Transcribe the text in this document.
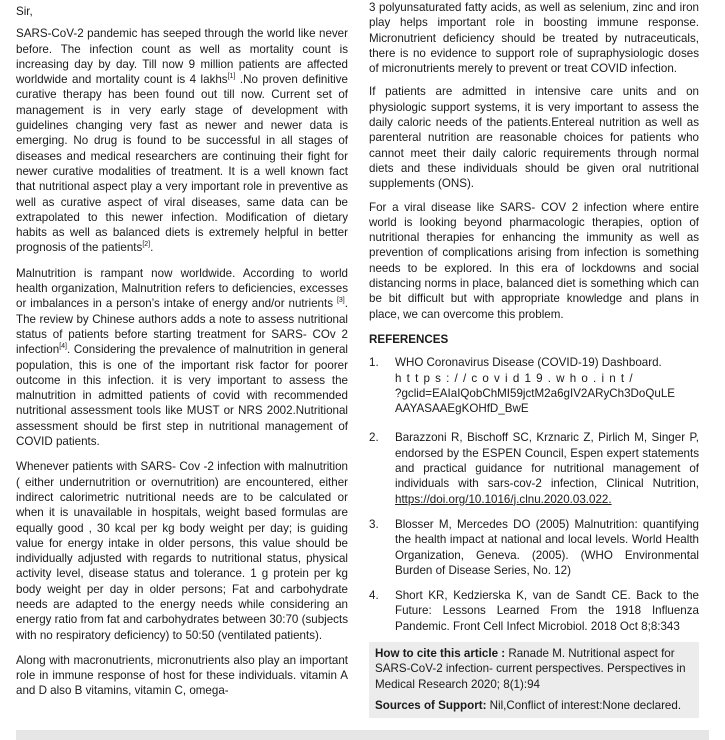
Sir,

SARS-CoV-2 pandemic has seeped through the world like never before. The infection count as well as mortality count is increasing day by day. Till now 9 million patients are affected worldwide and mortality count is 4 lakhs[1] .No proven definitive curative therapy has been found out till now. Current set of management is in very early stage of development with guidelines changing very fast as newer and newer data is emerging. No drug is found to be successful in all stages of diseases and medical researchers are continuing their fight for newer curative modalities of treatment. It is a well known fact that nutritional aspect play a very important role in preventive as well as curative aspect of viral diseases, same data can be extrapolated to this newer infection. Modification of dietary habits as well as balanced diets is extremely helpful in better prognosis of the patients[2].

Malnutrition is rampant now worldwide. According to world health organization, Malnutrition refers to deficiencies, excesses or imbalances in a person’s intake of energy and/or nutrients [3]. The review by Chinese authors adds a note to assess nutritional status of patients before starting treatment for SARS- COv 2 infection[4]. Considering the prevalence of malnutrition in general population, this is one of the important risk factor for poorer outcome in this infection. it is very important to assess the malnutrition in admitted patients of covid with recommended nutritional assessment tools like MUST or NRS 2002.Nutritional assessment should be first step in nutritional management of COVID patients.

Whenever patients with SARS- Cov -2 infection with malnutrition ( either undernutrition or overnutrition) are encountered, either indirect calorimetric nutritional needs are to be calculated or when it is unavailable in hospitals, weight based formulas are equally good , 30 kcal per kg body weight per day; is guiding value for energy intake in older persons, this value should be individually adjusted with regards to nutritional status, physical activity level, disease status and tolerance. 1 g protein per kg body weight per day in older persons; Fat and carbohydrate needs are adapted to the energy needs while considering an energy ratio from fat and carbohydrates between 30:70 (subjects with no respiratory deficiency) to 50:50 (ventilated patients).

Along with macronutrients, micronutrients also play an important role in immune response of host for these individuals. vitamin A and D also B vitamins, vitamin C, omega-

3 polyunsaturated fatty acids, as well as selenium, zinc and iron play helps important role in boosting immune response. Micronutrient deficiency should be treated by nutraceuticals, there is no evidence to support role of supraphysiologic doses of micronutrients merely to prevent or treat COVID infection.

If patients are admitted in intensive care units and on physiologic support systems, it is very important to assess the daily caloric needs of the patients.Entereal nutrition as well as parenteral nutrition are reasonable choices for patients who cannot meet their daily caloric requirements through normal diets and these individuals should be given oral nutritional supplements (ONS).

For a viral disease like SARS- COV 2 infection where entire world is looking beyond pharmacologic therapies, option of nutritional therapies for enhancing the immunity as well as prevention of complications arising from infection is something needs to be explored. In this era of lockdowns and social distancing norms in place, balanced diet is something which can be bit difficult but with appropriate knowledge and plans in place, we can overcome this problem.

REFERENCES
1.	WHO Coronavirus Disease (COVID-19) Dashboard.
https://covid19.who.int/
?gclid=EAIaIQobChMI59jctM2a6gIV2ARyCh3DoQuLE AAYASAAEgKOHfD_BwE
2.	Barazzoni R, Bischoff SC, Krznaric Z, Pirlich M, Singer P, endorsed by the ESPEN Council, Espen expert statements and practical guidance for nutritional management of individuals with sars-cov-2 infection, Clinical Nutrition, https://doi.org/10.1016/j.clnu.2020.03.022.
3.	Blosser M, Mercedes DO (2005) Malnutrition: quantifying the health impact at national and local levels. World Health Organization, Geneva. (2005). (WHO Environmental Burden of Disease Series, No. 12)
4.	Short KR, Kedzierska K, van de Sandt CE. Back to the Future: Lessons Learned From the 1918 Influenza Pandemic. Front Cell Infect Microbiol. 2018 Oct 8;8:343
How to cite this article : Ranade M. Nutritional aspect for SARS-CoV-2 infection- current perspectives. Perspectives in Medical Research 2020; 8(1):94
Sources of Support: Nil,Conflict of interest:None declared.
